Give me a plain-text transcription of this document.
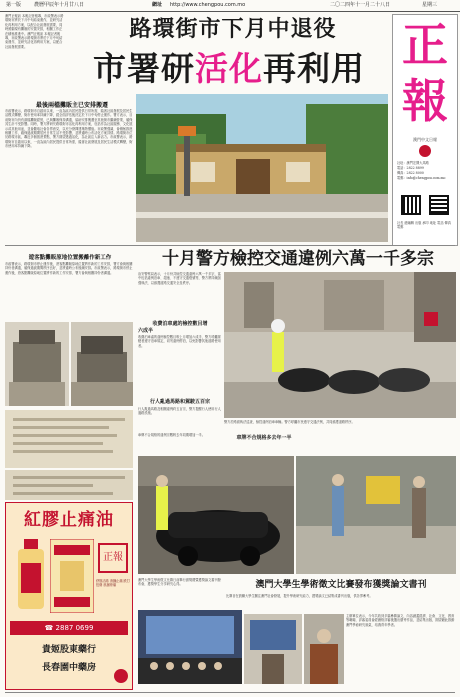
第一版	農曆甲辰年十月廿八日	網址 http://www.chengpou.com.mo	二〇二四年十一月二十八日	星期三
澳門正報訊 本報記者報導，市政署表示路環街市將於下月中旬結束運作，並研究活化再利用方案，以配合社區發展需要，同時照顧現有攤販的安置安排，相關工作正在積極推進中。澳門正報訊 本報記者報導，市政署表示路環街市將於下月中旬結束運作，並研究活化再利用方案，以配合社區發展需要。
路環街市下月中退役
市署研活化再利用 正
報
澳門中文日報
社址：澳門宏開大馬路
電話：2822 8899
傳真：2822 8000
電郵：info@chengpou.com.mo
社長 總編輯 出版 承印 地址 電話 傳真 電郵
最後兩檔攤販主已安排搬遷
市政署表示，路環街市自啟用以來，一直為區內居民提供日常所需，隨著社區發展及居民生活模式轉變，街市使用率持續下降，經全面評估後決定於下月中旬停止運作。署方表示，目前街市內仍有兩檔攤販經營，已與攤販保持溝通，協助安排搬遷至其他街市繼續營業，確保其生計不受影響。同時，署方將研究路環街市活化再利用方案，包括作為社區服務、文化展示或其他用途，並會聽取社會各界意見，以充分發揮建築物價值。市政署強調，會積極推進相關工作，確保過渡期間居民日常生活不受影響，並將適時公布活化方案詳情。路環街市位於路環市區，鄰近多個旅遊景點，署方期望透過活化，為社區注入新活力。市政署表示，路環街市自啟用以來，一直為區內居民提供日常所需，隨著社區發展及居民生活模式轉變，街市使用率持續下降。
遊客點攤販原地位置搬離作新工作
市政署表示，路環街市停止運作後，遊客點攤販原地位置將作新的工作安排，署方會與相關持份者溝通，確保過渡期間秩序良好，並將適時公布後續安排。市政署表示，路環街市停止運作後，遊客點攤販原地位置將作新的工作安排，署方會與相關持份者溝通。
紅膠止痛油
正報
舒筋活絡 消腫止痛 跌打扭傷 風濕骨痛
☎ 2887 0699
貴姬股東藥行
長春園中藥房
十月警方檢控交通違例六萬一千多宗
治安警察局表示，十月份共檢控交通違例六萬一千多宗，當中包括違例泊車、超速、不遵守交通燈號等，警方將持續加強執法，以維護道路交通安全及秩序。
收費泊車處的檢控數目增
六成半
收費泊車處的違例檢控數目較上月增加六成半，警方呼籲駕駛者遵守泊車規定，切勿違例停泊，以免影響其他道路使用者。
行人亂過馬路和駕駛五百宗
行人亂過馬路及相關違例約五百宗，警方提醒行人使用行人過路設施。
警方於路面執法巡查，檢控違例泊車車輛。警方呼籲市民遵守交通法例，共同維護道路秩序。
車牌不合規格多去年一半
車牌不合規格的違例宗數較去年同期增加一半。
澳門大學生學術徵文比賽日前舉行頒獎禮暨獲獎論文書刊發布會，獲獎學生分享研究心得。	澳門大學生學術徵文比賽發布獲獎論文書刊
比賽旨在鼓勵大學生關注澳門社會發展，提升學術研究能力，獲獎論文已結集成書刊出版，供各界參考。
主辦單位表示，今年共收到多篇參賽論文，內容涵蓋經濟、社會、文化、教育等範疇，評審委員會經嚴格評審後選出優秀作品，並結集出版，期望藉此推動澳門學術研究風氣，培養青年學者。
